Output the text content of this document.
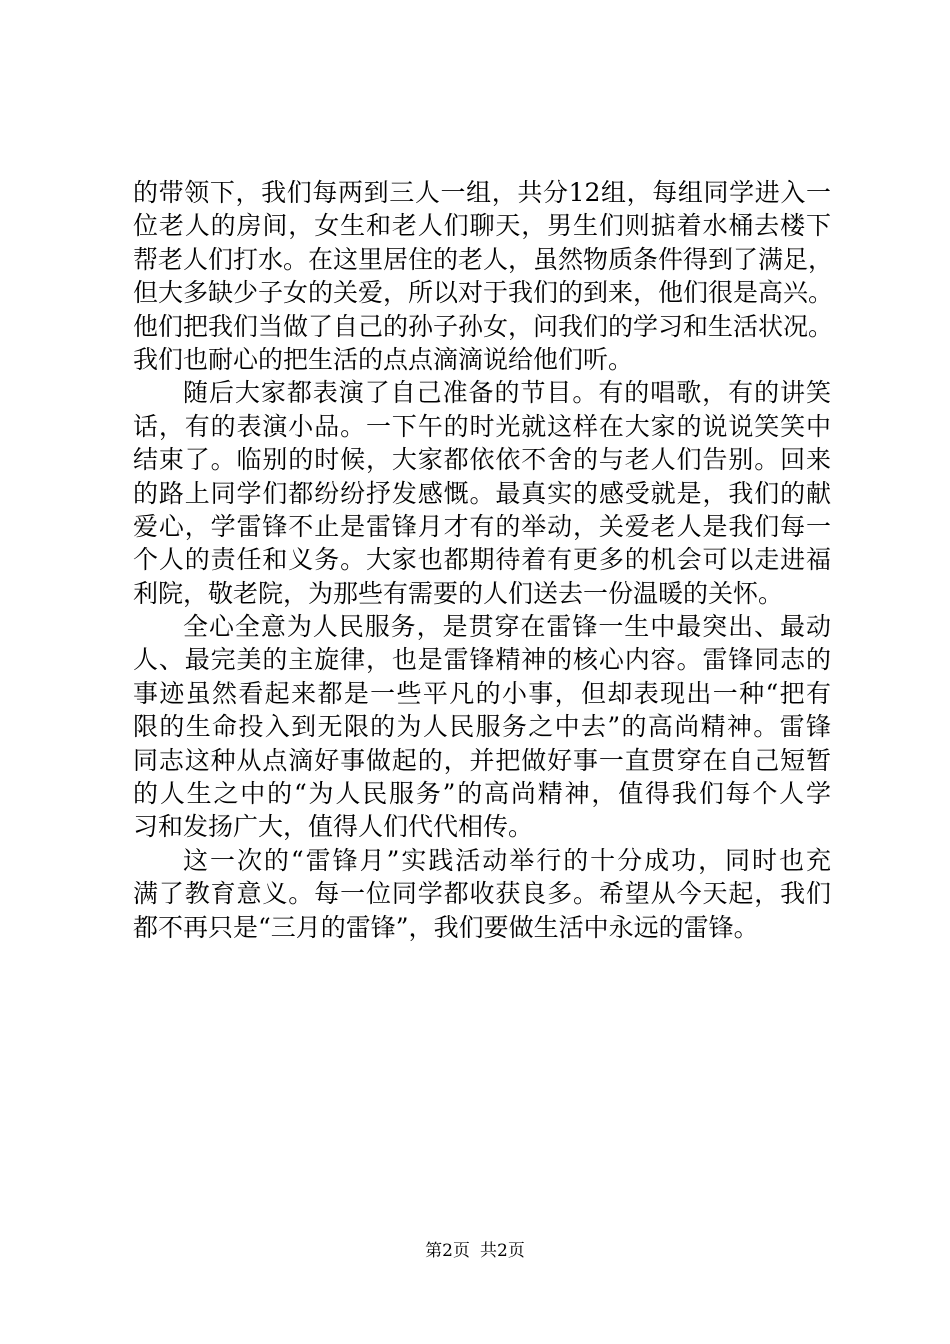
的带领下，我们每两到三人一组，共分12组，每组同学进入一
位老人的房间，女生和老人们聊天，男生们则掂着水桶去楼下
帮老人们打水。在这里居住的老人，虽然物质条件得到了满足，
但大多缺少子女的关爱，所以对于我们的到来，他们很是高兴。
他们把我们当做了自己的孙子孙女，问我们的学习和生活状况。
我们也耐心的把生活的点点滴滴说给他们听。
随后大家都表演了自己准备的节目。有的唱歌，有的讲笑
话，有的表演小品。一下午的时光就这样在大家的说说笑笑中
结束了。临别的时候，大家都依依不舍的与老人们告别。回来
的路上同学们都纷纷抒发感慨。最真实的感受就是，我们的献
爱心，学雷锋不止是雷锋月才有的举动，关爱老人是我们每一
个人的责任和义务。大家也都期待着有更多的机会可以走进福
利院，敬老院，为那些有需要的人们送去一份温暖的关怀。
全心全意为人民服务，是贯穿在雷锋一生中最突出、最动
人、最完美的主旋律，也是雷锋精神的核心内容。雷锋同志的
事迹虽然看起来都是一些平凡的小事，但却表现出一种“把有
限的生命投入到无限的为人民服务之中去”的高尚精神。雷锋
同志这种从点滴好事做起的，并把做好事一直贯穿在自己短暂
的人生之中的“为人民服务”的高尚精神，值得我们每个人学
习和发扬广大，值得人们代代相传。
这一次的“雷锋月”实践活动举行的十分成功，同时也充
满了教育意义。每一位同学都收获良多。希望从今天起，我们
都不再只是“三月的雷锋”，我们要做生活中永远的雷锋。
第2页 共2页
